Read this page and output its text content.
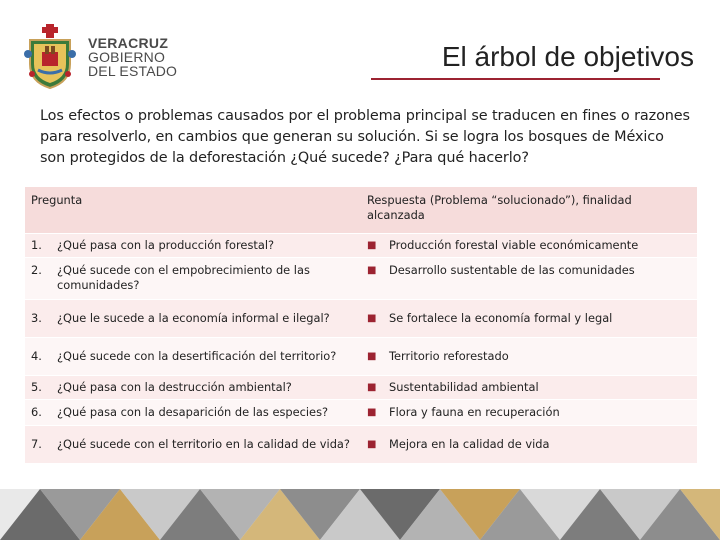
VERACRUZ
GOBIERNO
DEL ESTADO	El árbol de objetivos
Los efectos o problemas causados por el problema principal se traducen en fines o razones para resolverlo, en cambios que generan su solución. Si se logra los bosques de México son protegidos de la deforestación ¿Qué sucede? ¿Para qué hacerlo?
Pregunta		Respuesta (Problema “solucionado”), finalidad alcanzada	
1.	¿Qué pasa con la producción forestal?	■	Producción forestal viable económicamente
2.	¿Qué sucede con el empobrecimiento de las comunidades?	■	Desarrollo sustentable de las comunidades
3.	¿Que le sucede a la economía informal e ilegal?	■	Se fortalece la economía formal y legal
4.	¿Qué sucede con la desertificación del territorio?	■	Territorio reforestado
5.	¿Qué pasa con la destrucción ambiental?	■	Sustentabilidad ambiental
6.	¿Qué pasa con la desaparición de las especies?	■	Flora y fauna en recuperación
7.	¿Qué sucede con el territorio en la calidad de vida?	■	Mejora en la calidad de vida
